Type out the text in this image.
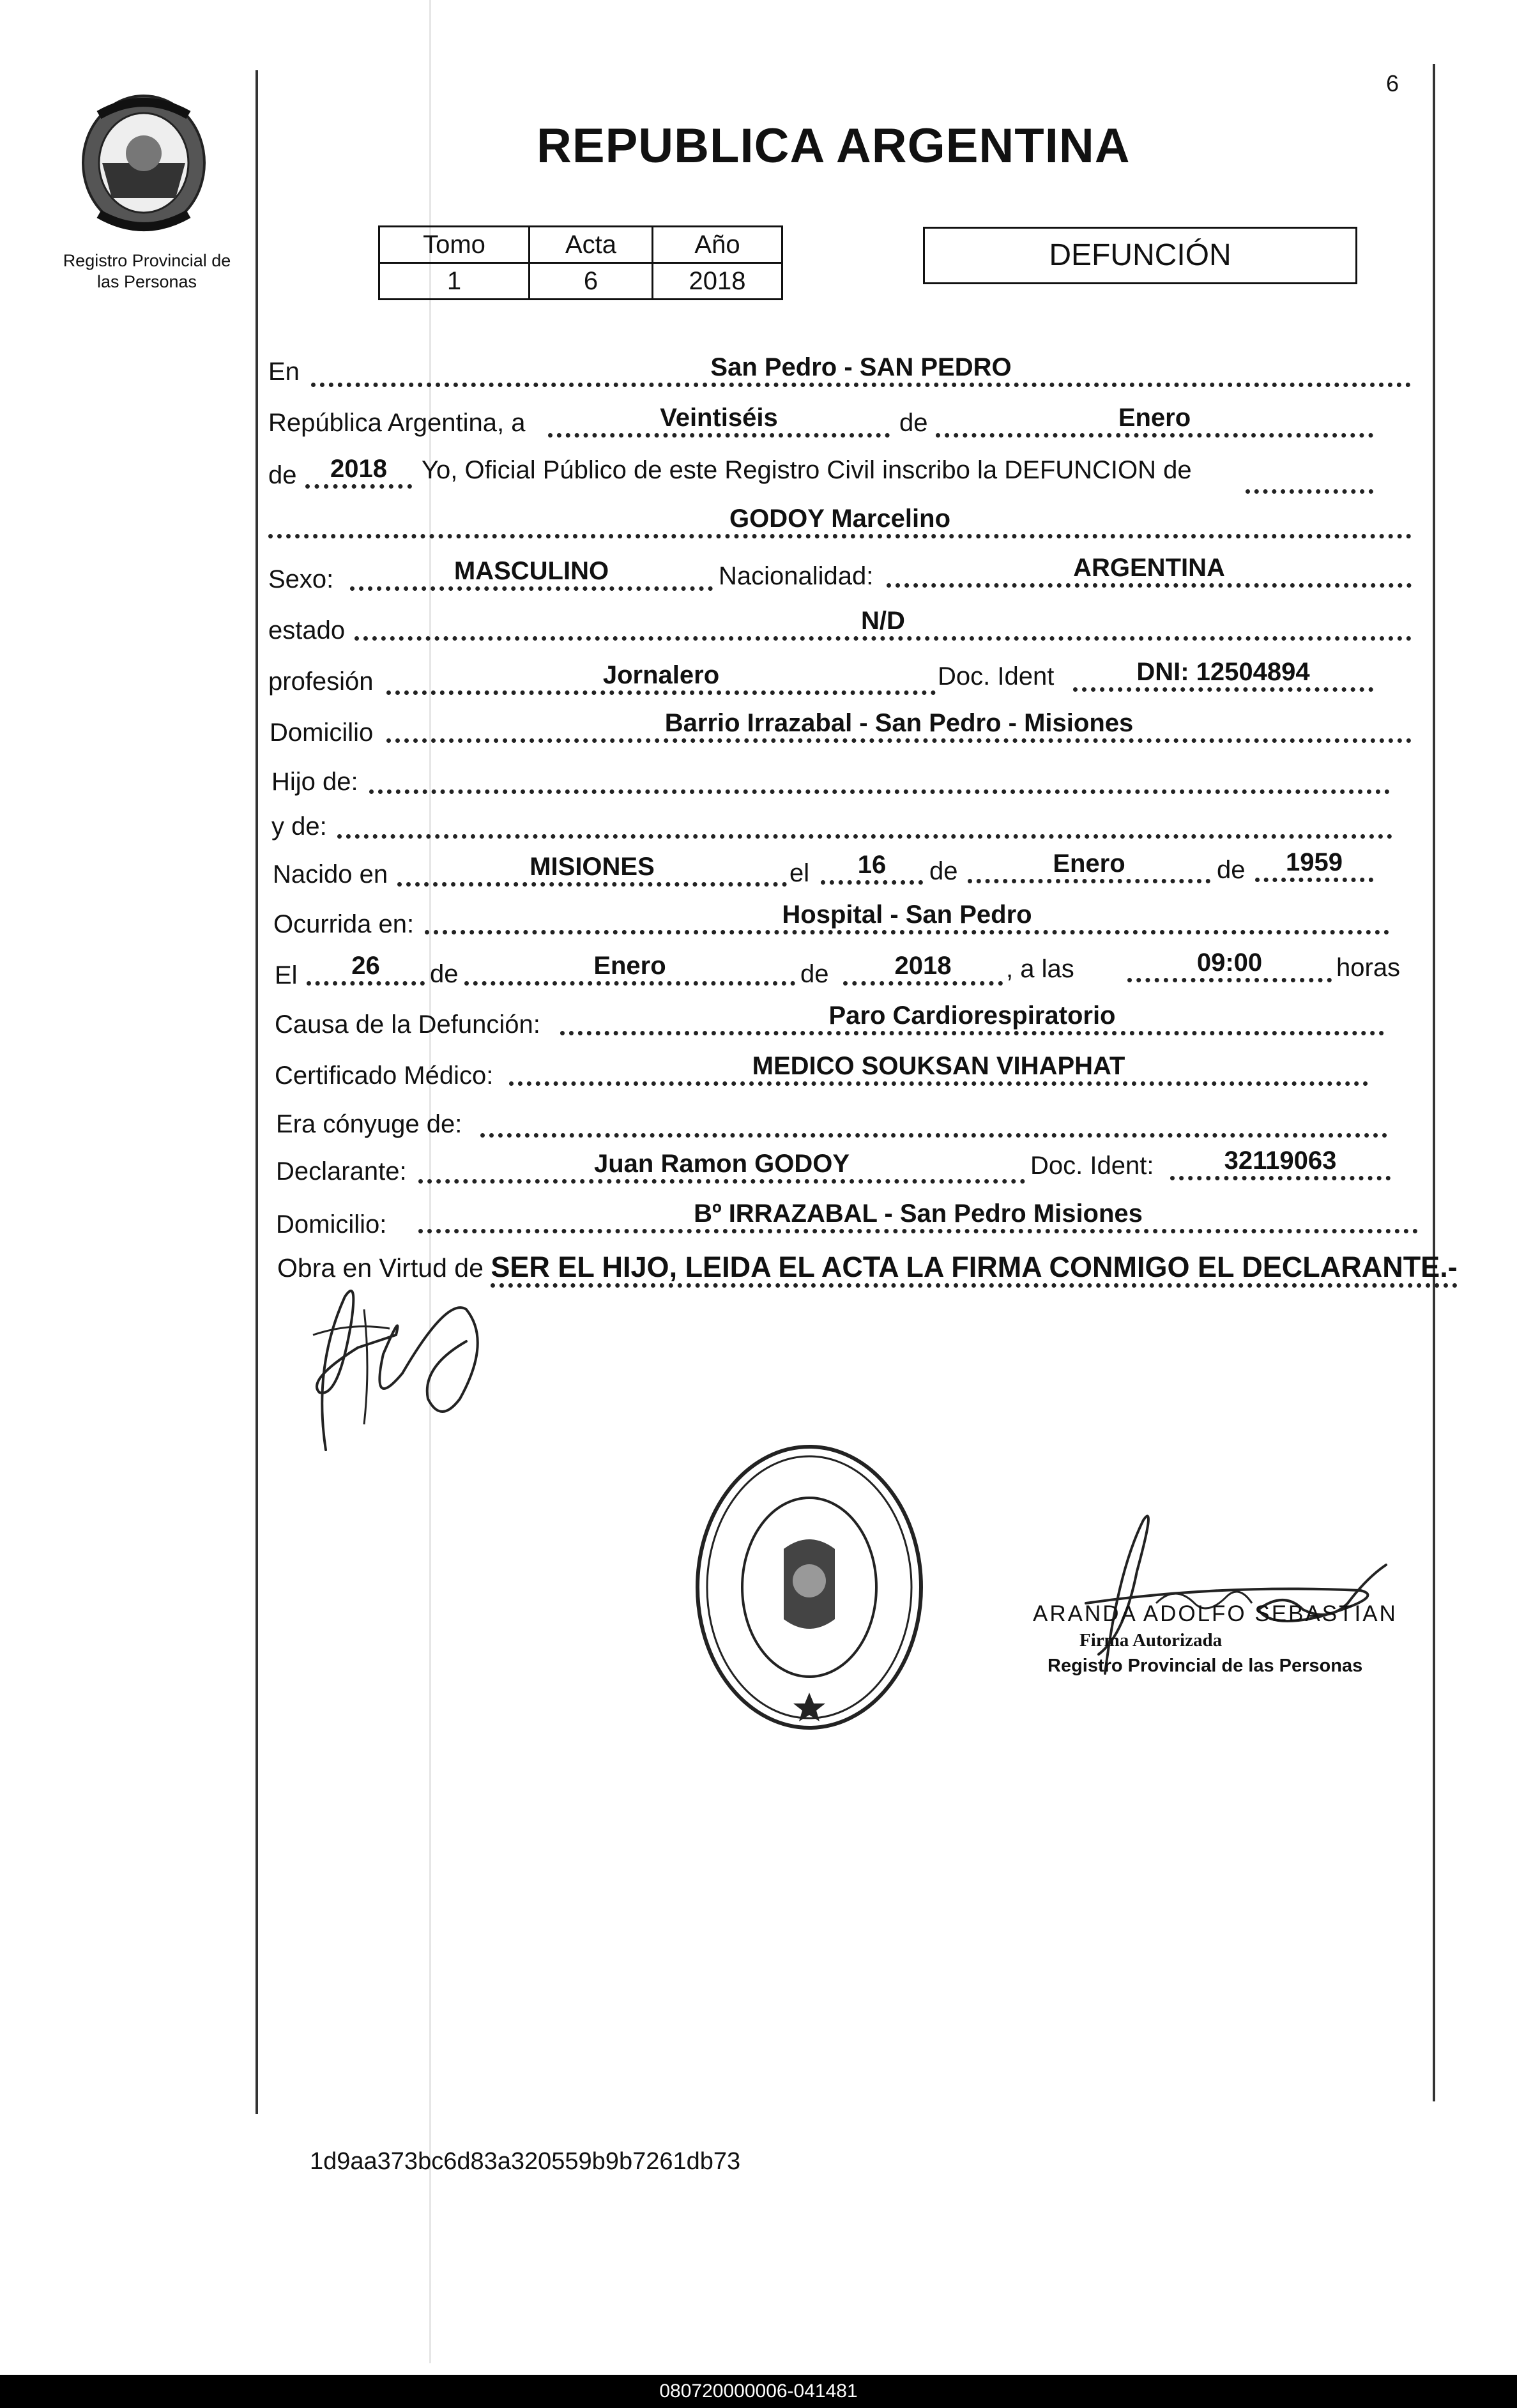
Registro Provincial de
las Personas
6
REPUBLICA ARGENTINA
Tomo	Acta	Año
1	6	2018
DEFUNCIÓN
En	San Pedro - SAN PEDRO
República Argentina, a	Veintiséis	de	Enero
de	2018	Yo, Oficial Público de este Registro Civil inscribo la DEFUNCION de
GODOY Marcelino
Sexo:	MASCULINO	Nacionalidad:	ARGENTINA
estado	N/D
profesión	Jornalero	Doc. Ident	DNI: 12504894
Domicilio	Barrio Irrazabal - San Pedro - Misiones
Hijo de:
y de:
Nacido en	MISIONES	el	16	de	Enero	de	1959
Ocurrida en:	Hospital - San Pedro
El	26	de	Enero	de	2018	, a las	09:00	horas
Causa de la Defunción:	Paro Cardiorespiratorio
Certificado Médico:	MEDICO SOUKSAN VIHAPHAT
Era cónyuge de:
Declarante:	Juan Ramon GODOY	Doc. Ident:	32119063
Domicilio:	Bº IRRAZABAL - San Pedro Misiones
Obra en Virtud de SER EL HIJO, LEIDA EL ACTA LA FIRMA CONMIGO EL DECLARANTE.-
ARANDA ADOLFO SEBASTIAN
Firma Autorizada
Registro Provincial de las Personas
1d9aa373bc6d83a320559b9b7261db73
080720000006-041481
